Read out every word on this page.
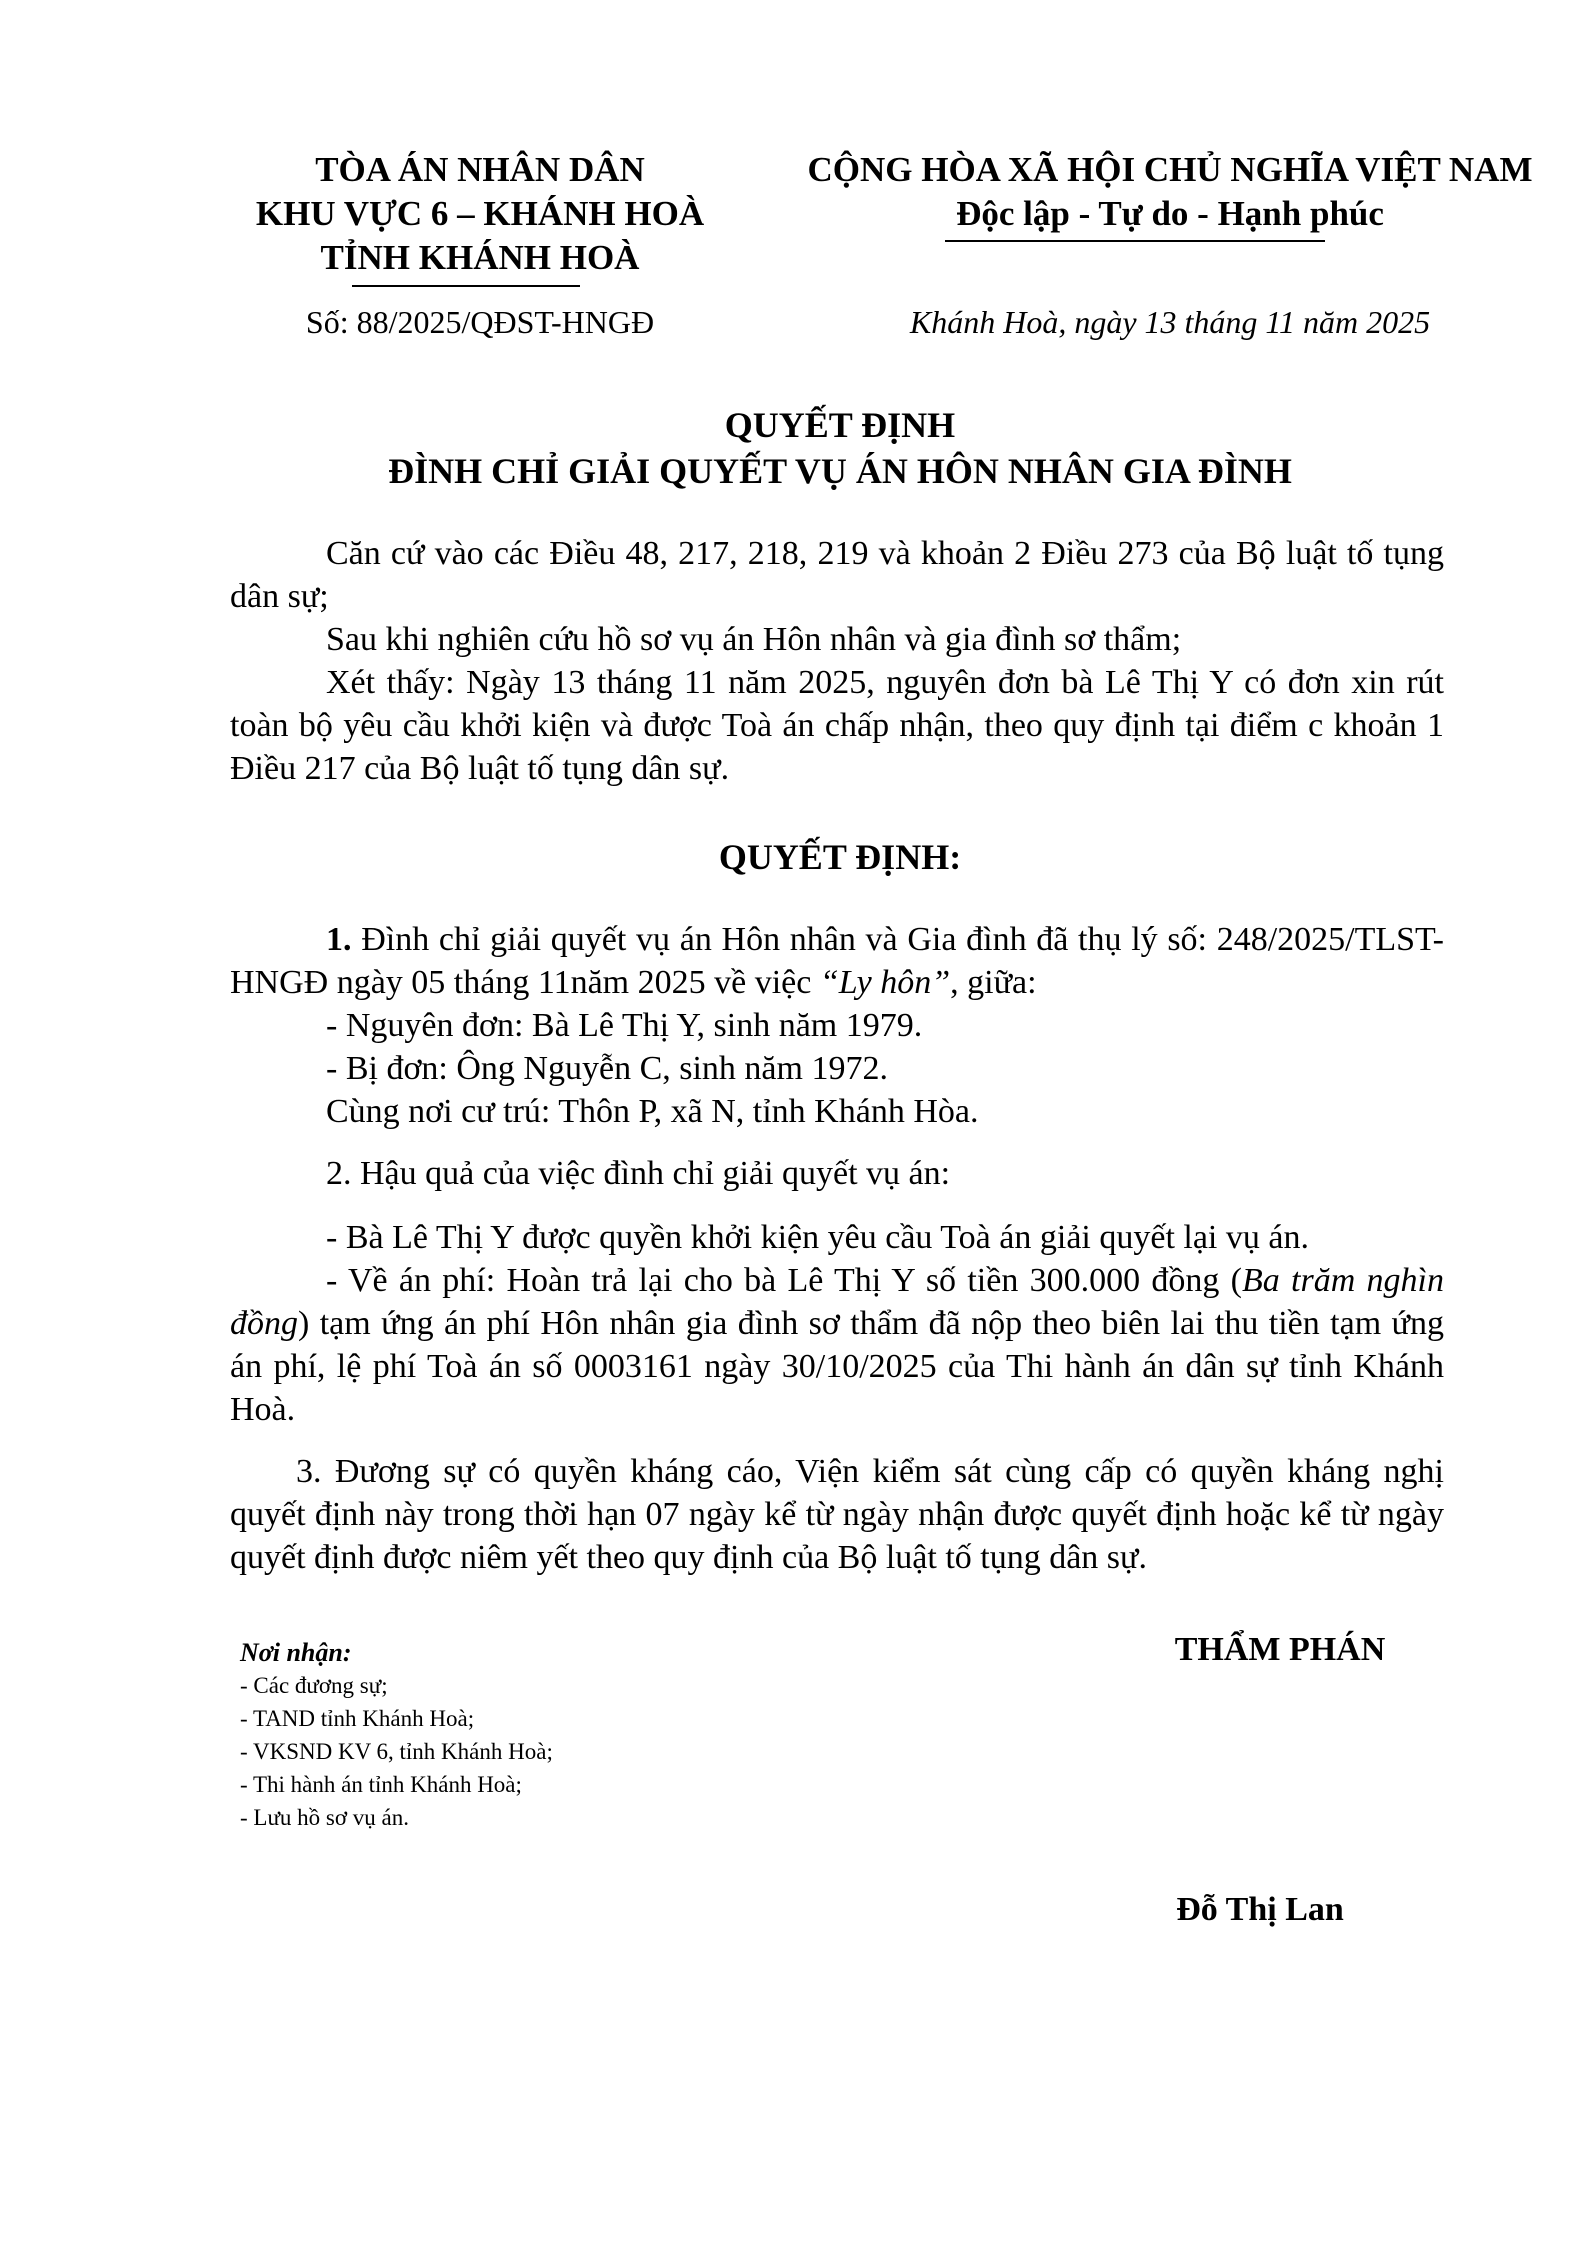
TÒA ÁN NHÂN DÂN
KHU VỰC 6 – KHÁNH HOÀ
TỈNH KHÁNH HOÀ
CỘNG HÒA XÃ HỘI CHỦ NGHĨA VIỆT NAM
Độc lập - Tự do - Hạnh phúc
Số: 88/2025/QĐST-HNGĐ	Khánh Hoà, ngày 13 tháng 11 năm 2025
QUYẾT ĐỊNH
ĐÌNH CHỈ GIẢI QUYẾT VỤ ÁN HÔN NHÂN GIA ĐÌNH

Căn cứ vào các Điều 48, 217, 218, 219 và khoản 2 Điều 273 của Bộ luật tố tụng dân sự;

Sau khi nghiên cứu hồ sơ vụ án Hôn nhân và gia đình sơ thẩm;

Xét thấy: Ngày 13 tháng 11 năm 2025, nguyên đơn bà Lê Thị Y có đơn xin rút toàn bộ yêu cầu khởi kiện và được Toà án chấp nhận, theo quy định tại điểm c khoản 1 Điều 217 của Bộ luật tố tụng dân sự.

QUYẾT ĐỊNH:

1. Đình chỉ giải quyết vụ án Hôn nhân và Gia đình đã thụ lý số: 248/2025/TLST-HNGĐ ngày 05 tháng 11năm 2025 về việc “Ly hôn”, giữa:

- Nguyên đơn: Bà Lê Thị Y, sinh năm 1979.

- Bị đơn: Ông Nguyễn C, sinh năm 1972.

Cùng nơi cư trú: Thôn P, xã N, tỉnh Khánh Hòa.

2. Hậu quả của việc đình chỉ giải quyết vụ án:

- Bà Lê Thị Y được quyền khởi kiện yêu cầu Toà án giải quyết lại vụ án.

- Về án phí: Hoàn trả lại cho bà Lê Thị Y số tiền 300.000 đồng (Ba trăm nghìn đồng) tạm ứng án phí Hôn nhân gia đình sơ thẩm đã nộp theo biên lai thu tiền tạm ứng án phí, lệ phí Toà án số 0003161 ngày 30/10/2025 của Thi hành án dân sự tỉnh Khánh Hoà.

3. Đương sự có quyền kháng cáo, Viện kiểm sát cùng cấp có quyền kháng nghị quyết định này trong thời hạn 07 ngày kể từ ngày nhận được quyết định hoặc kể từ ngày quyết định được niêm yết theo quy định của Bộ luật tố tụng dân sự.

Nơi nhận:
- Các đương sự;
- TAND tỉnh Khánh Hoà;
- VKSND KV 6, tỉnh Khánh Hoà;
- Thi hành án tỉnh Khánh Hoà;
- Lưu hồ sơ vụ án.
THẨM PHÁN
Đỗ Thị Lan
